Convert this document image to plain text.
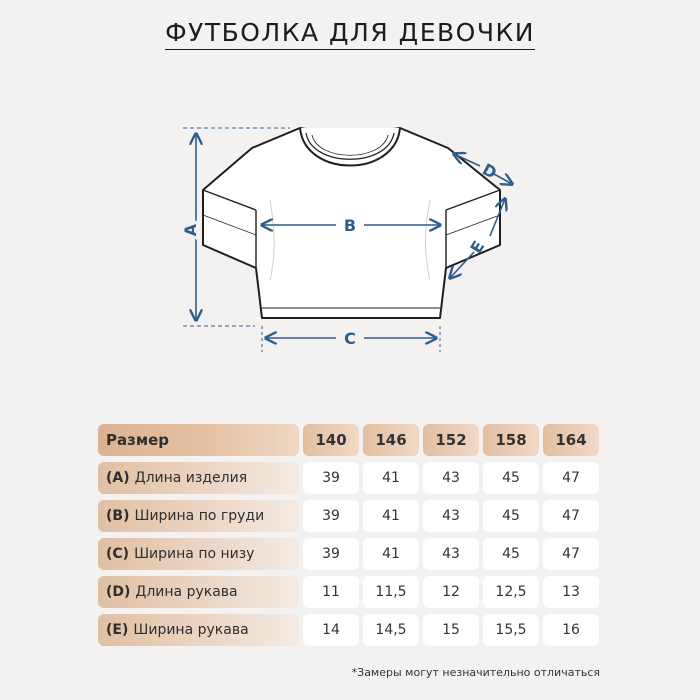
ФУТБОЛКА ДЛЯ ДЕВОЧКИ
A	B
C
D
E
Размер	140	146	152	158	164
(A) Длина изделия	39	41	43	45	47
(B) Ширина по груди	39	41	43	45	47
(C) Ширина по низу	39	41	43	45	47
(D) Длина рукава	11	11,5	12	12,5	13
(E) Ширина рукава	14	14,5	15	15,5	16
*Замеры могут незначительно отличаться
